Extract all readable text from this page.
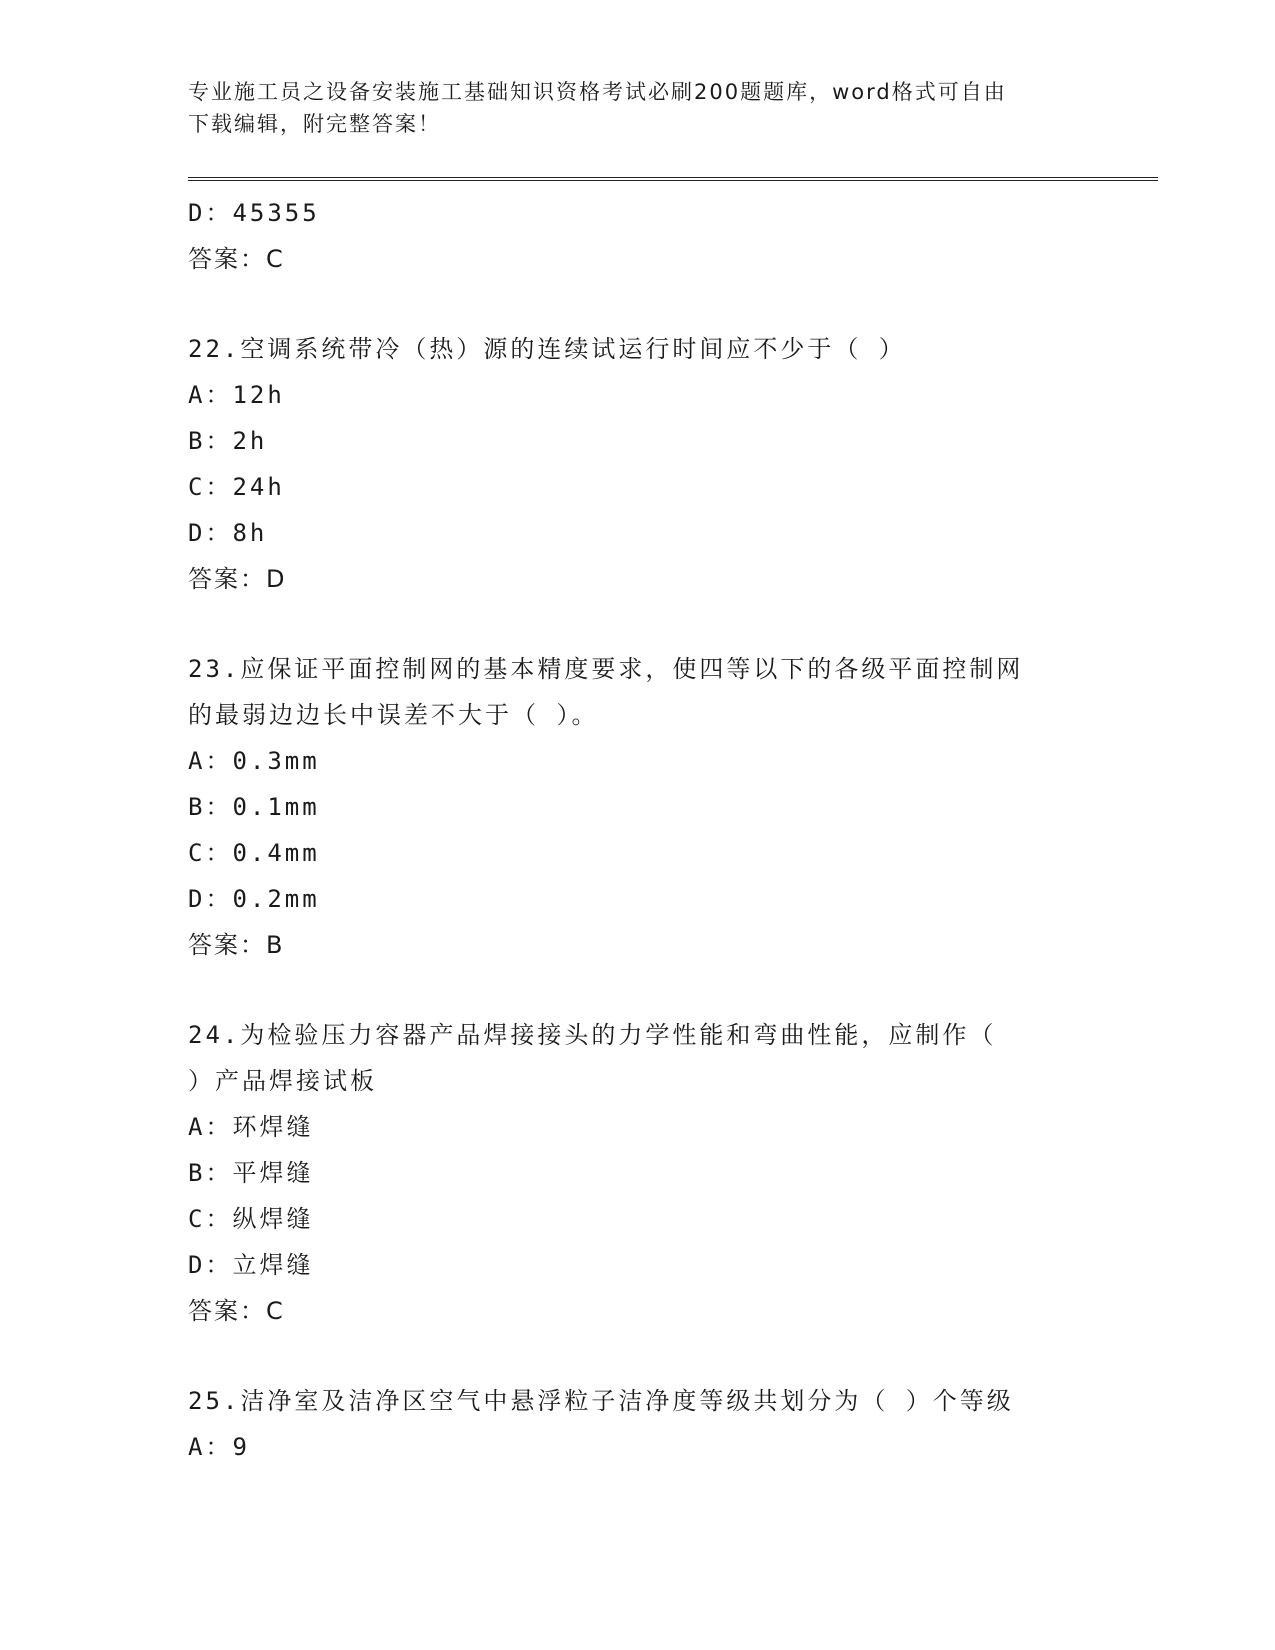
专业施工员之设备安装施工基础知识资格考试必刷200题题库，word格式可自由
下载编辑，附完整答案！
D：45355
答案：C
22.空调系统带冷（热）源的连续试运行时间应不少于（ ）
A：12h
B：2h
C：24h
D：8h
答案：D
23.应保证平面控制网的基本精度要求，使四等以下的各级平面控制网
的最弱边边长中误差不大于（ ）。
A：0.3mm
B：0.1mm
C：0.4mm
D：0.2mm
答案：B
24.为检验压力容器产品焊接接头的力学性能和弯曲性能，应制作（
）产品焊接试板
A：环焊缝
B：平焊缝
C：纵焊缝
D：立焊缝
答案：C
25.洁净室及洁净区空气中悬浮粒子洁净度等级共划分为（ ）个等级
A：9
